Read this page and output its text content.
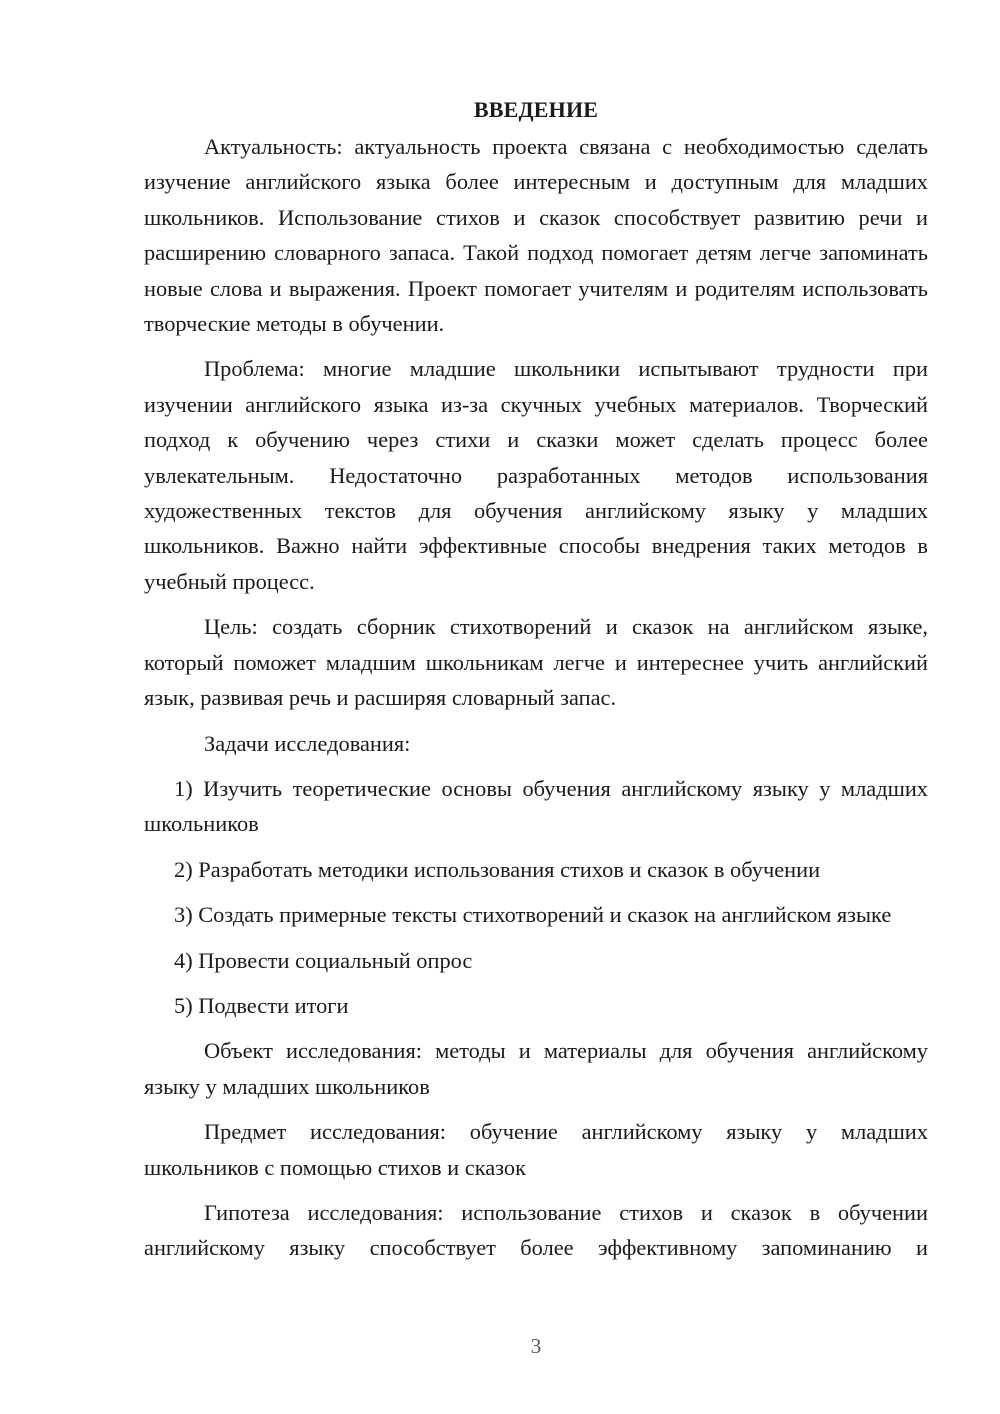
ВВЕДЕНИЕ

Актуальность: актуальность проекта связана с необходимостью сделать изучение английского языка более интересным и доступным для младших школьников. Использование стихов и сказок способствует развитию речи и расширению словарного запаса. Такой подход помогает детям легче запоминать новые слова и выражения. Проект помогает учителям и родителям использовать творческие методы в обучении.

Проблема: многие младшие школьники испытывают трудности при изучении английского языка из-за скучных учебных материалов. Творческий подход к обучению через стихи и сказки может сделать процесс более увлекательным. Недостаточно разработанных методов использования художественных текстов для обучения английскому языку у младших школьников. Важно найти эффективные способы внедрения таких методов в учебный процесс.

Цель: создать сборник стихотворений и сказок на английском языке, который поможет младшим школьникам легче и интереснее учить английский язык, развивая речь и расширяя словарный запас.

Задачи исследования:

1) Изучить теоретические основы обучения английскому языку у младших школьников

2) Разработать методики использования стихов и сказок в обучении

3) Создать примерные тексты стихотворений и сказок на английском языке

4) Провести социальный опрос

5) Подвести итоги

Объект исследования: методы и материалы для обучения английскому языку у младших школьников

Предмет исследования: обучение английскому языку у младших школьников с помощью стихов и сказок

Гипотеза исследования: использование стихов и сказок в обучении английскому языку способствует более эффективному запоминанию и

3
